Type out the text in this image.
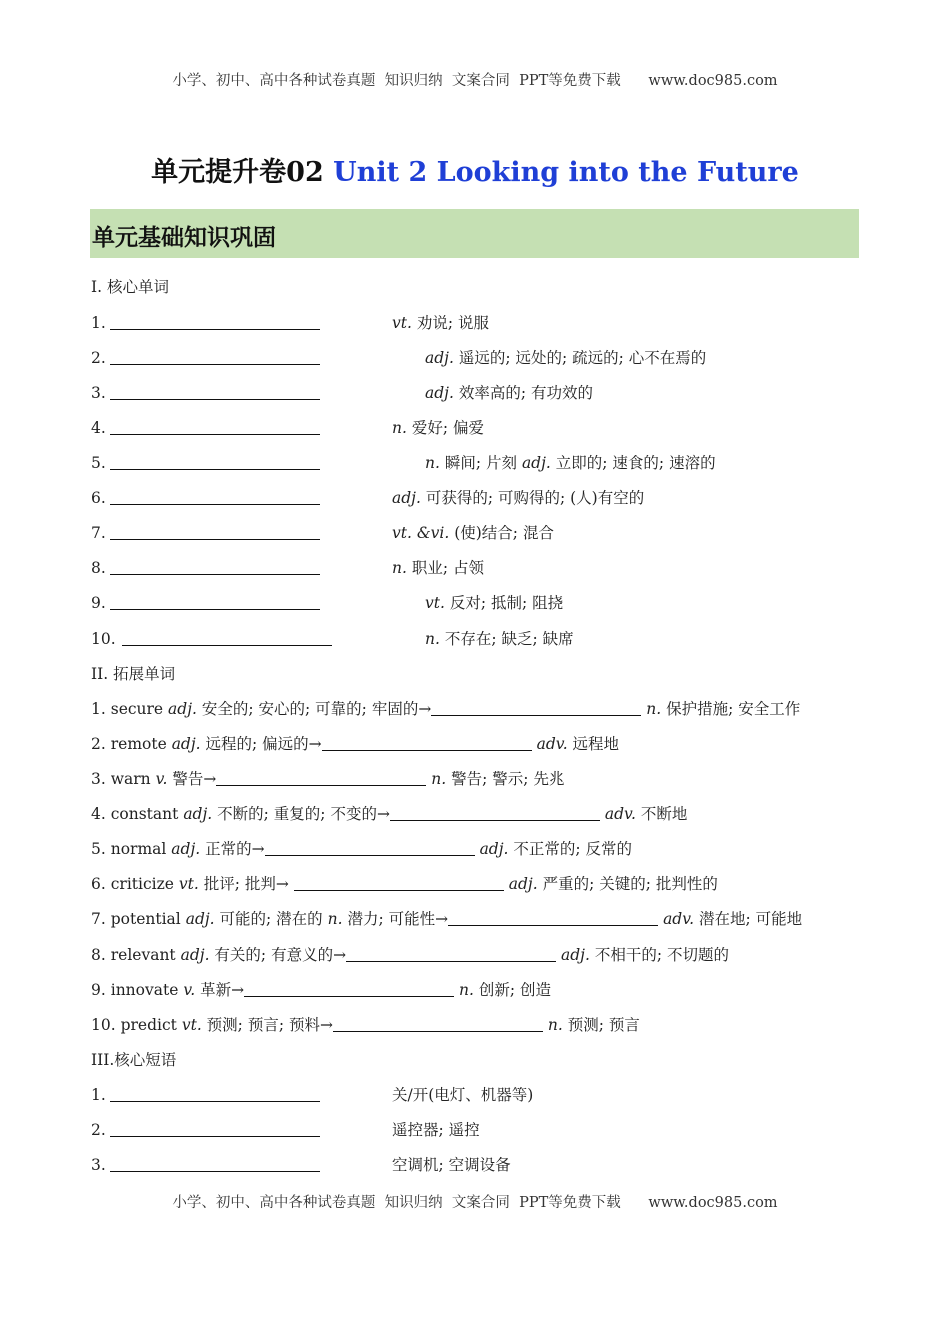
小学、初中、高中各种试卷真题  知识归纳  文案合同  PPT等免费下载      www.doc985.com
单元提升卷02 Unit 2 Looking into the Future
单元基础知识巩固
I. 核心单词
1.	vt. 劝说; 说服
2.	adj. 遥远的; 远处的; 疏远的; 心不在焉的
3.	adj. 效率高的; 有功效的
4.	n. 爱好; 偏爱
5.	n. 瞬间; 片刻 adj. 立即的; 速食的; 速溶的
6.	adj. 可获得的; 可购得的; (人)有空的
7.	vt. &vi. (使)结合; 混合
8.	n. 职业; 占领
9.	vt. 反对; 抵制; 阻挠
10.	n. 不存在; 缺乏; 缺席
II. 拓展单词
1. secure adj. 安全的; 安心的; 可靠的; 牢固的→	n. 保护措施; 安全工作
2. remote adj. 远程的; 偏远的→	adv. 远程地
3. warn v. 警告→	n. 警告; 警示; 先兆
4. constant adj. 不断的; 重复的; 不变的→	adv. 不断地
5. normal adj. 正常的→	adj. 不正常的; 反常的
6. criticize vt. 批评; 批判→	adj. 严重的; 关键的; 批判性的
7. potential adj. 可能的; 潜在的 n. 潜力; 可能性→	adv. 潜在地; 可能地
8. relevant adj. 有关的; 有意义的→	adj. 不相干的; 不切题的
9. innovate v. 革新→	n. 创新; 创造
10. predict vt. 预测; 预言; 预料→	n. 预测; 预言
III.核心短语
1.	关/开(电灯、机器等)
2.	遥控器; 遥控
3.	空调机; 空调设备
小学、初中、高中各种试卷真题  知识归纳  文案合同  PPT等免费下载      www.doc985.com
